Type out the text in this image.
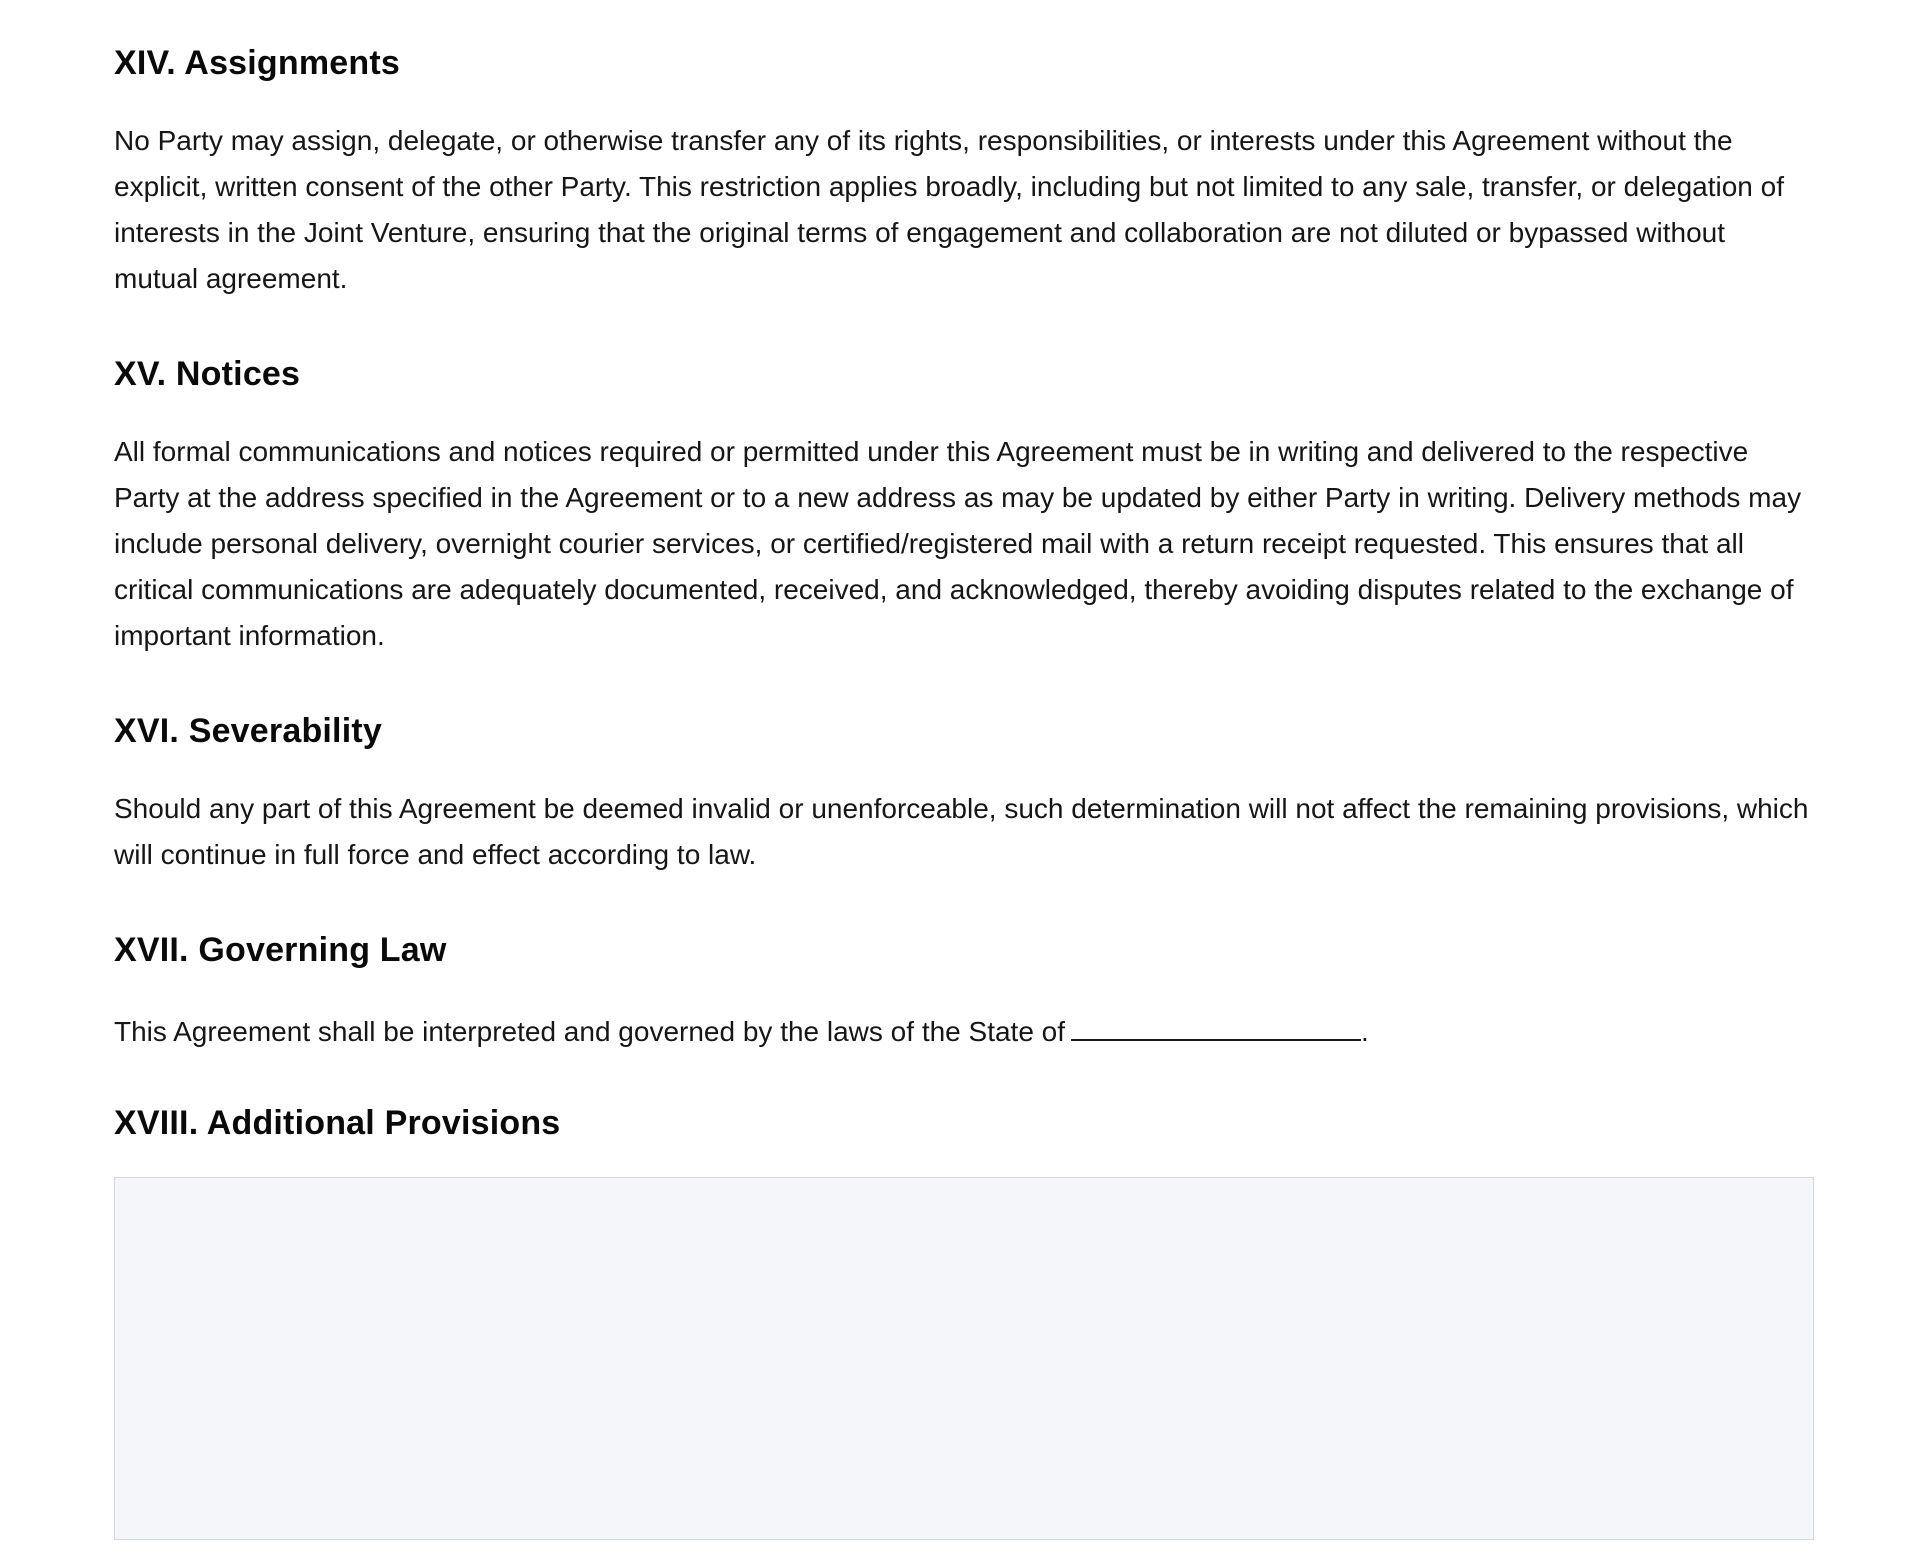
XIV. Assignments

No Party may assign, delegate, or otherwise transfer any of its rights, responsibilities, or interests under this Agreement without the explicit, written consent of the other Party. This restriction applies broadly, including but not limited to any sale, transfer, or delegation of interests in the Joint Venture, ensuring that the original terms of engagement and collaboration are not diluted or bypassed without mutual agreement.

XV. Notices

All formal communications and notices required or permitted under this Agreement must be in writing and delivered to the respective Party at the address specified in the Agreement or to a new address as may be updated by either Party in writing. Delivery methods may include personal delivery, overnight courier services, or certified/registered mail with a return receipt requested. This ensures that all critical communications are adequately documented, received, and acknowledged, thereby avoiding disputes related to the exchange of important information.

XVI. Severability

Should any part of this Agreement be deemed invalid or unenforceable, such determination will not affect the remaining provisions, which will continue in full force and effect according to law.

XVII. Governing Law

This Agreement shall be interpreted and governed by the laws of the State of	.

XVIII. Additional Provisions
